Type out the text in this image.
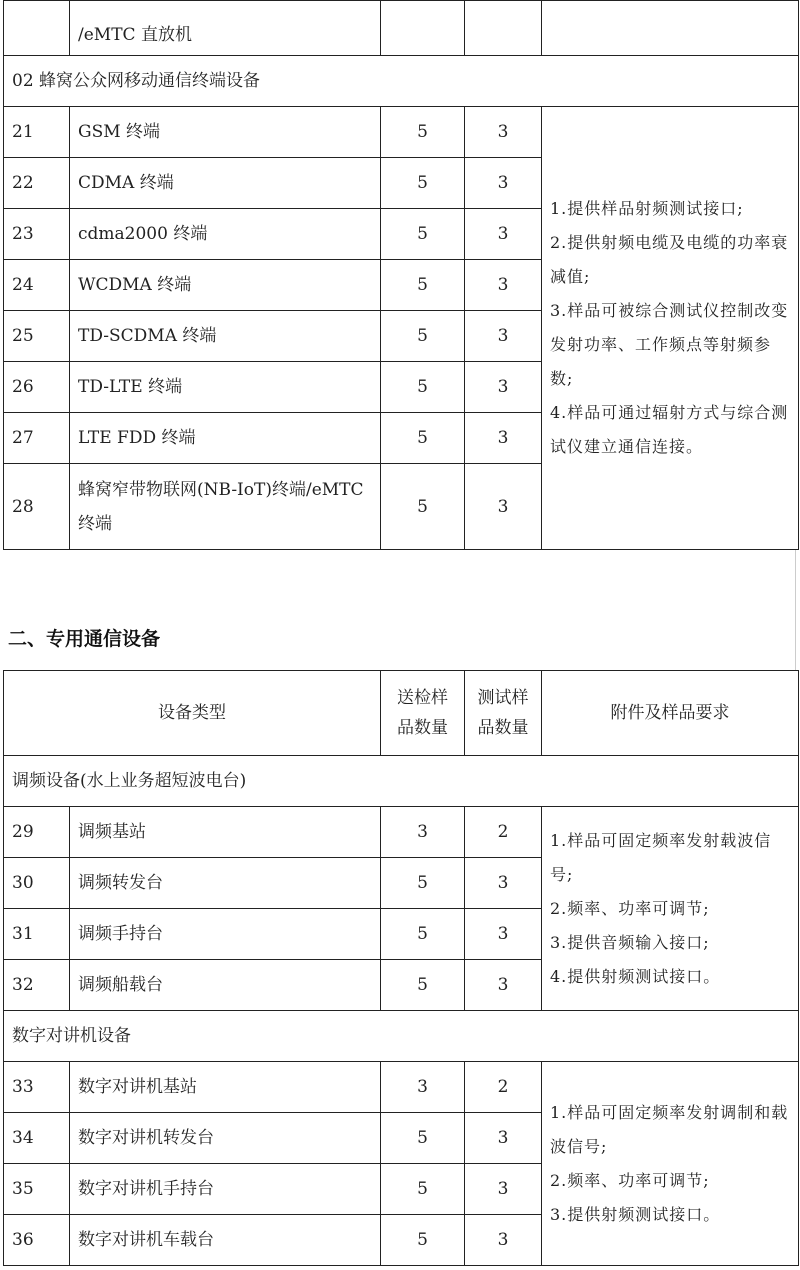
	/eMTC 直放机			
02 蜂窝公众网移动通信终端设备				
21	GSM 终端	5	3	1.提供样品射频测试接口;
2.提供射频电缆及电缆的功率衰减值;
3.样品可被综合测试仪控制改变发射功率、工作频点等射频参数;
4.样品可通过辐射方式与综合测试仪建立通信连接。

22	CDMA 终端	5	3	
23	cdma2000 终端	5	3	
24	WCDMA 终端	5	3	
25	TD-SCDMA 终端	5	3	
26	TD-LTE 终端	5	3	
27	LTE FDD 终端	5	3	
28	蜂窝窄带物联网(NB-IoT)终端/eMTC 终端	5	3	
二、专用通信设备
设备类型		送检样品数量	测试样品数量	附件及样品要求
调频设备(水上业务超短波电台)				
29	调频基站	3	2	1.样品可固定频率发射载波信号;
2.频率、功率可调节;
3.提供音频输入接口;
4.提供射频测试接口。

30	调频转发台	5	3	
31	调频手持台	5	3	
32	调频船载台	5	3	
数字对讲机设备				
33	数字对讲机基站	3	2	1.样品可固定频率发射调制和载波信号;
2.频率、功率可调节;
3.提供射频测试接口。

34	数字对讲机转发台	5	3	
35	数字对讲机手持台	5	3	
36	数字对讲机车载台	5	3	
